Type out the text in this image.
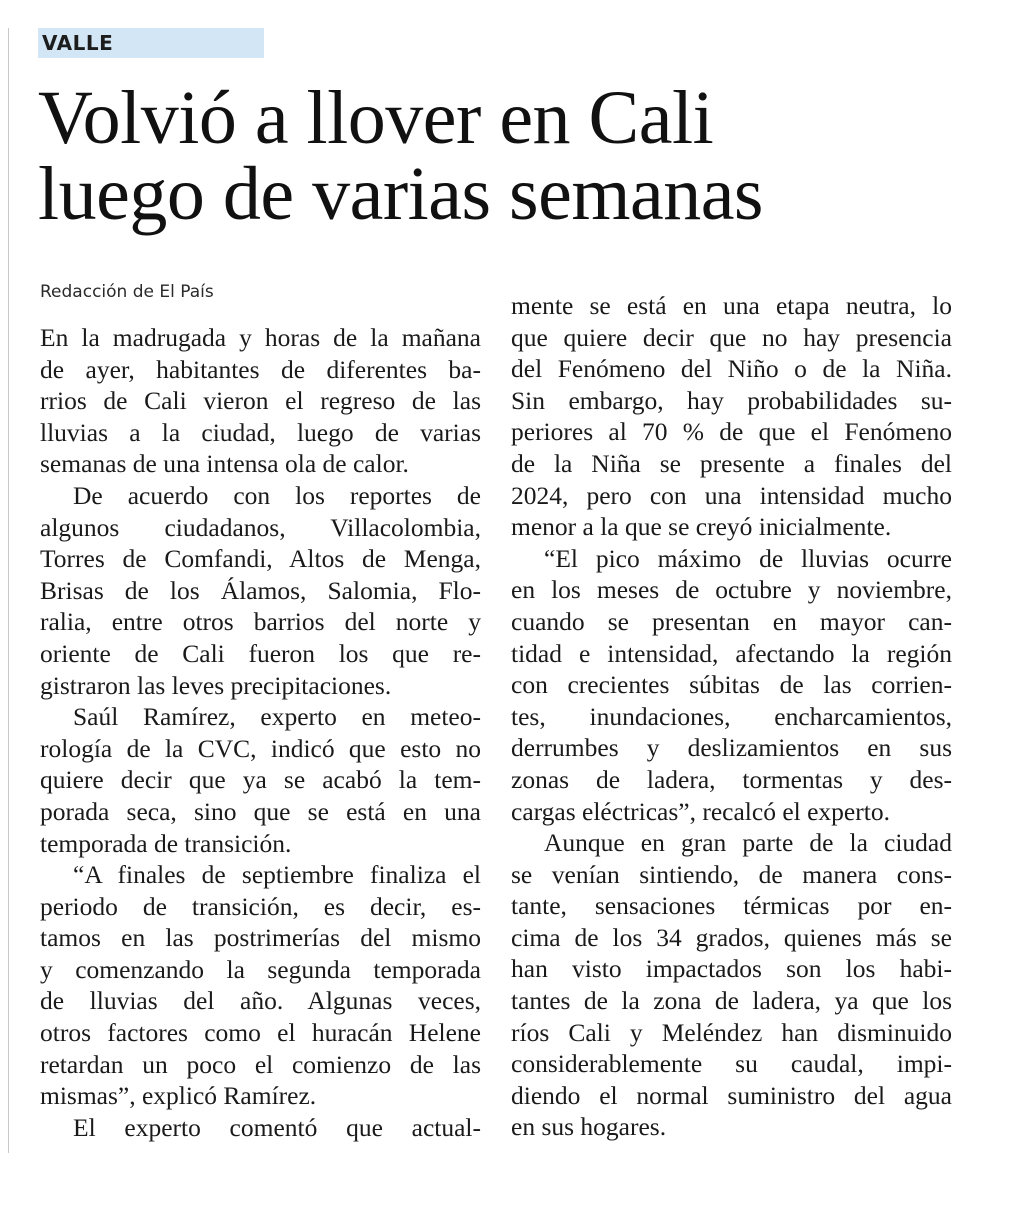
VALLE
Volvió a llover en Cali
luego de varias semanas
Redacción de El País
En la madrugada y horas de la mañana
de ayer, habitantes de diferentes ba-
rrios de Cali vieron el regreso de las
lluvias a la ciudad, luego de varias
semanas de una intensa ola de calor.
De acuerdo con los reportes de
algunos ciudadanos, Villacolombia,
Torres de Comfandi, Altos de Menga,
Brisas de los Álamos, Salomia, Flo-
ralia, entre otros barrios del norte y
oriente de Cali fueron los que re-
gistraron las leves precipitaciones.
Saúl Ramírez, experto en meteo-
rología de la CVC, indicó que esto no
quiere decir que ya se acabó la tem-
porada seca, sino que se está en una
temporada de transición.
“A finales de septiembre finaliza el
periodo de transición, es decir, es-
tamos en las postrimerías del mismo
y comenzando la segunda temporada
de lluvias del año. Algunas veces,
otros factores como el huracán Helene
retardan un poco el comienzo de las
mismas”, explicó Ramírez.
El experto comentó que actual-
mente se está en una etapa neutra, lo
que quiere decir que no hay presencia
del Fenómeno del Niño o de la Niña.
Sin embargo, hay probabilidades su-
periores al 70 % de que el Fenómeno
de la Niña se presente a finales del
2024, pero con una intensidad mucho
menor a la que se creyó inicialmente.
“El pico máximo de lluvias ocurre
en los meses de octubre y noviembre,
cuando se presentan en mayor can-
tidad e intensidad, afectando la región
con crecientes súbitas de las corrien-
tes, inundaciones, encharcamientos,
derrumbes y deslizamientos en sus
zonas de ladera, tormentas y des-
cargas eléctricas”, recalcó el experto.
Aunque en gran parte de la ciudad
se venían sintiendo, de manera cons-
tante, sensaciones térmicas por en-
cima de los 34 grados, quienes más se
han visto impactados son los habi-
tantes de la zona de ladera, ya que los
ríos Cali y Meléndez han disminuido
considerablemente su caudal, impi-
diendo el normal suministro del agua
en sus hogares.
